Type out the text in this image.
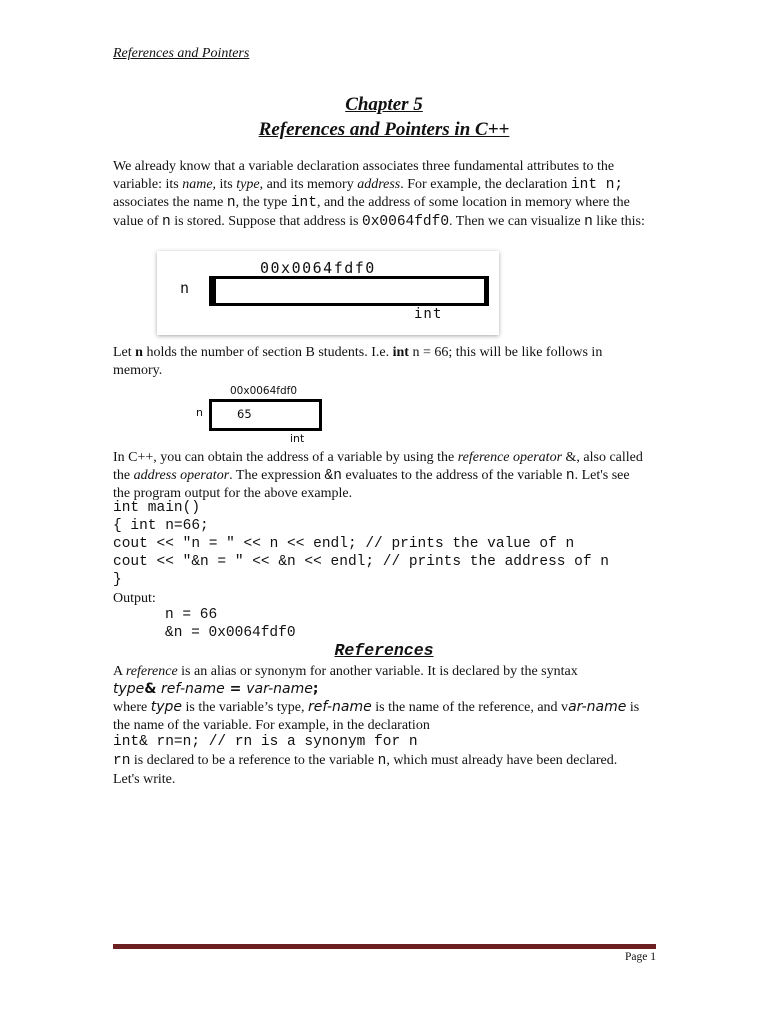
References and Pointers
Chapter 5
References and Pointers in C++
We already know that a variable declaration associates three fundamental attributes to the variable: its name, its type, and its memory address. For example, the declaration int n; associates the name n, the type int, and the address of some location in memory where the value of n is stored. Suppose that address is 0x0064fdf0. Then we can visualize n like this:
00x0064fdf0
n
int
Let n holds the number of section B students. I.e. int n = 66; this will be like follows in memory.
00x0064fdf0
n	65
int
In C++, you can obtain the address of a variable by using the reference operator &, also called the address operator. The expression &n evaluates to the address of the variable n. Let's see the program output for the above example.
int main()
{ int n=66;
cout << "n = " << n << endl; // prints the value of n
cout << "&n = " << &n << endl; // prints the address of n
}
Output:
n = 66
&n = 0x0064fdf0
References
A reference is an alias or synonym for another variable. It is declared by the syntax
type& ref-name = var-name;
where type is the variable’s type, ref-name is the name of the reference, and var-name is the name of the variable. For example, in the declaration
int& rn=n; // rn is a synonym for n
rn is declared to be a reference to the variable n, which must already have been declared.
Let's write.
Page 1
